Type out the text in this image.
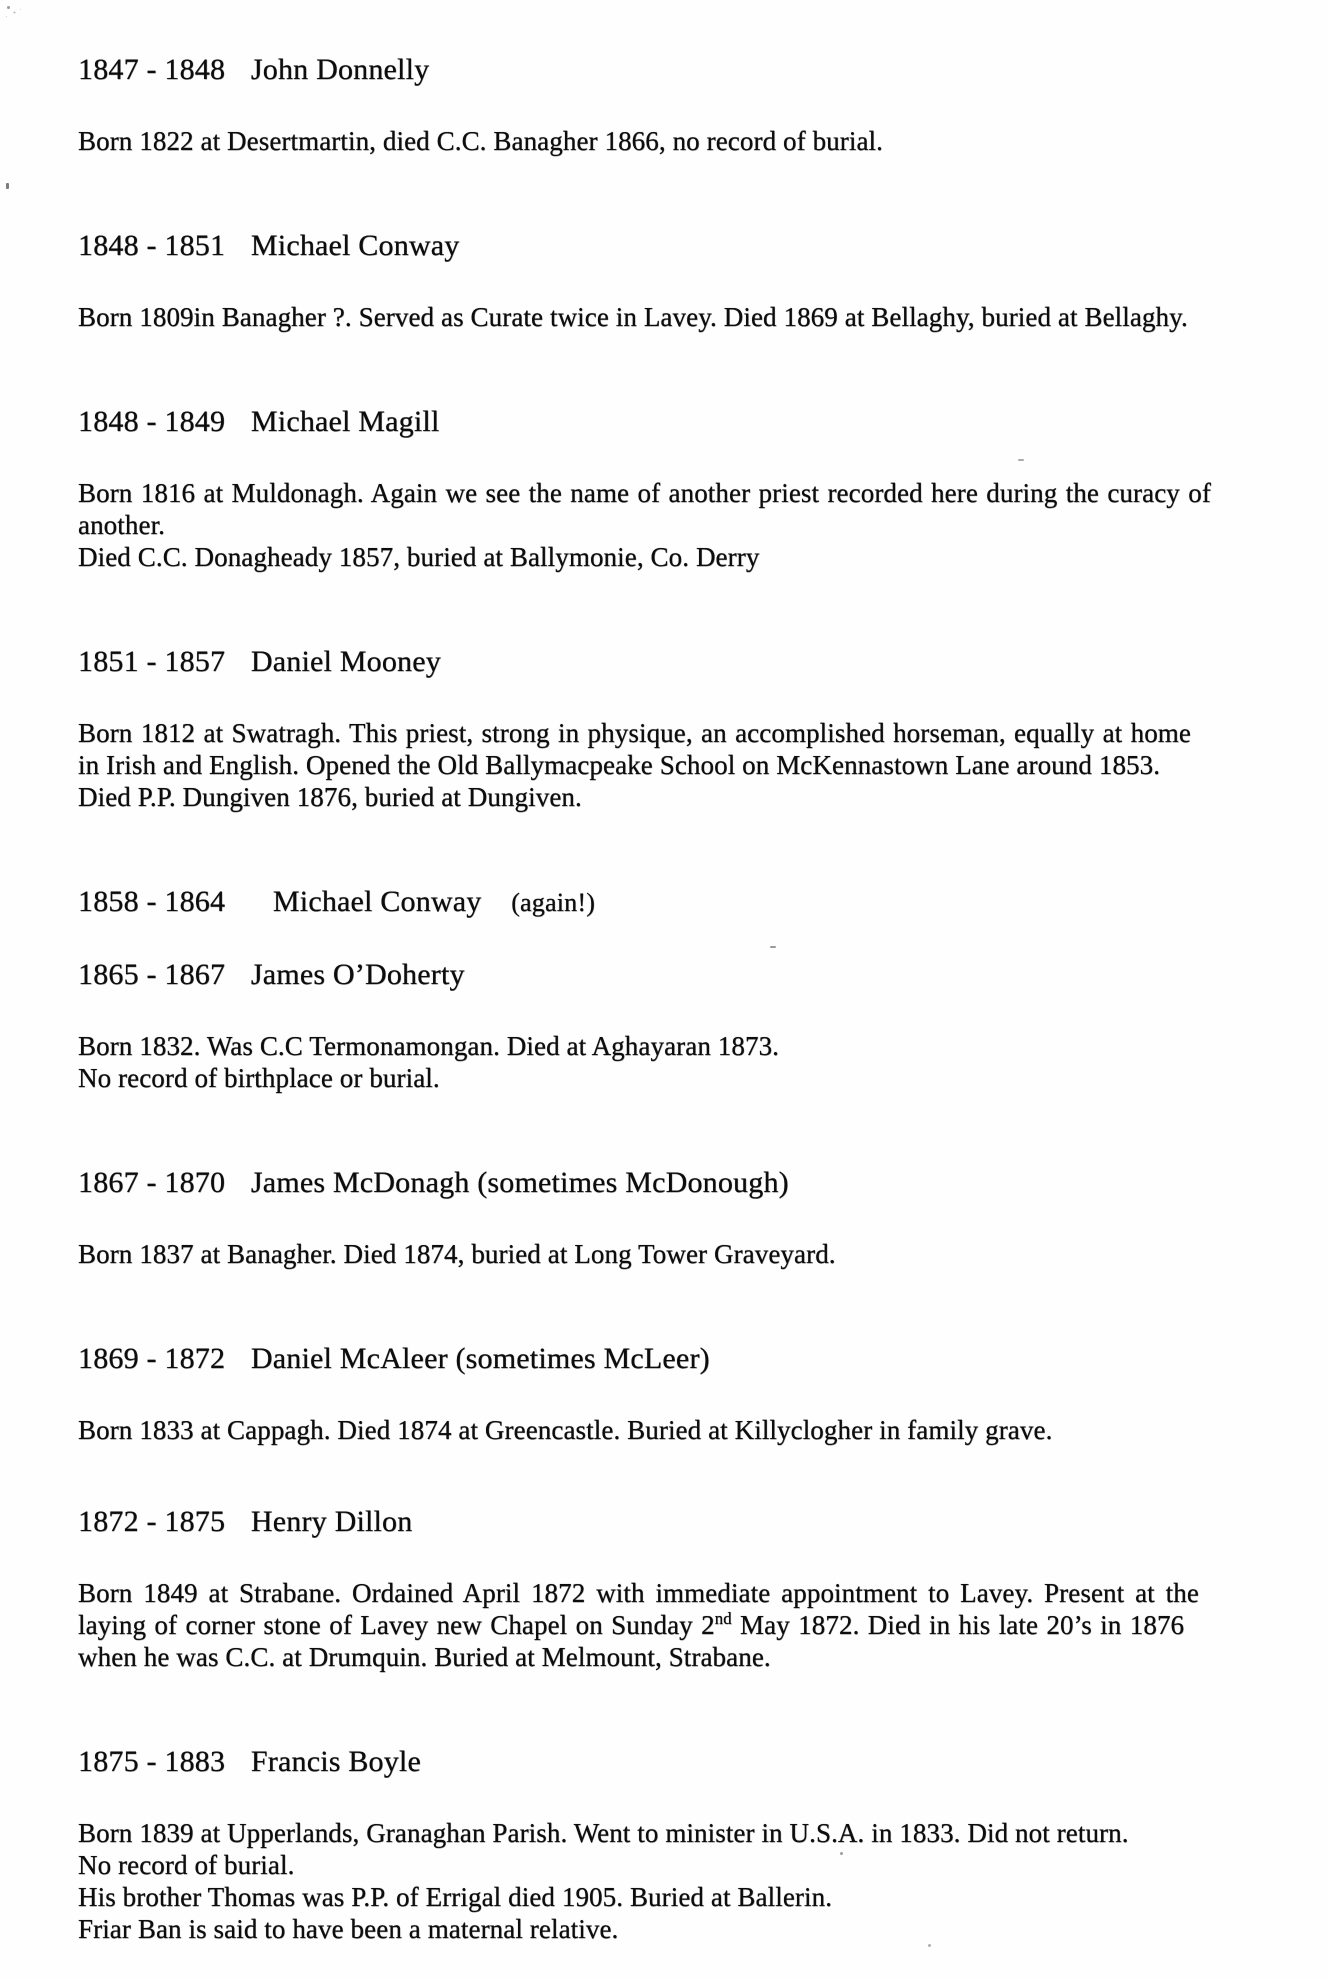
1847 - 1848 John Donnelly
Born 1822 at Desertmartin, died C.C. Banagher 1866, no record of burial.
1848 - 1851 Michael Conway
Born 1809in Banagher ?. Served as Curate twice in Lavey. Died 1869 at Bellaghy, buried at Bellaghy.
1848 - 1849 Michael Magill
Born 1816 at Muldonagh. Again we see the name of another priest recorded here during the curacy of
another.
Died C.C. Donagheady 1857, buried at Ballymonie, Co. Derry
1851 - 1857 Daniel Mooney
Born 1812 at Swatragh. This priest, strong in physique, an accomplished horseman, equally at home
in Irish and English. Opened the Old Ballymacpeake School on McKennastown Lane around 1853.
Died P.P. Dungiven 1876, buried at Dungiven.
1858 - 1864 Michael Conway (again!)
1865 - 1867 James O’Doherty
Born 1832. Was C.C Termonamongan. Died at Aghayaran 1873.
No record of birthplace or burial.
1867 - 1870 James McDonagh (sometimes McDonough)
Born 1837 at Banagher. Died 1874, buried at Long Tower Graveyard.
1869 - 1872 Daniel McAleer (sometimes McLeer)
Born 1833 at Cappagh. Died 1874 at Greencastle. Buried at Killyclogher in family grave.
1872 - 1875 Henry Dillon
Born 1849 at Strabane. Ordained April 1872 with immediate appointment to Lavey. Present at the
laying of corner stone of Lavey new Chapel on Sunday 2nd May 1872. Died in his late 20’s in 1876
when he was C.C. at Drumquin. Buried at Melmount, Strabane.
1875 - 1883 Francis Boyle
Born 1839 at Upperlands, Granaghan Parish. Went to minister in U.S.A. in 1833. Did not return.
No record of burial.
His brother Thomas was P.P. of Errigal died 1905. Buried at Ballerin.
Friar Ban is said to have been a maternal relative.
